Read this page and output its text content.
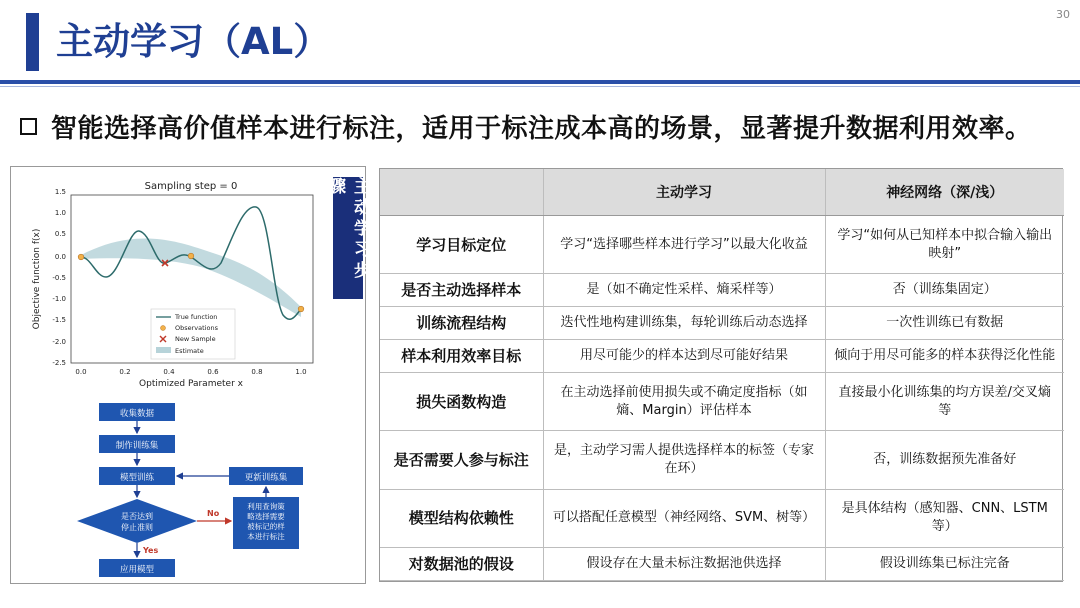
主动学习（AL）
30
智能选择高价值样本进行标注，适用于标注成本高的场景，显著提升数据利用效率。
Sampling step = 0
1.5
1.0
0.5
0.0
-0.5
-1.0
-1.5
-2.0
-2.5
0.0	0.2	0.4	0.6	0.8	1.0
Optimized Parameter x
Objective function f(x)	True function
Observations
New Sample
Estimate
收集数据
制作训练集
模型训练
是否达到
停止准则
Yes
应用模型
No
利用查询策
略选择需要
被标记的样
本进行标注
更新训练集
主动学习步骤
		主动学习	神经网络（深/浅）
学习目标定位	学习“选择哪些样本进行学习”以最大化收益	学习“如何从已知样本中拟合输入输出映射”
是否主动选择样本	是（如不确定性采样、熵采样等）	否（训练集固定）
训练流程结构	迭代性地构建训练集，每轮训练后动态选择	一次性训练已有数据
样本利用效率目标	用尽可能少的样本达到尽可能好结果	倾向于用尽可能多的样本获得泛化性能
损失函数构造	在主动选择前使用损失或不确定度指标（如熵、Margin）评估样本	直接最小化训练集的均方误差/交叉熵等
是否需要人参与标注	是，主动学习需人提供选择样本的标签（专家在环）	否，训练数据预先准备好
模型结构依赖性	可以搭配任意模型（神经网络、SVM、树等）	是具体结构（感知器、CNN、LSTM等）
对数据池的假设	假设存在大量未标注数据池供选择	假设训练集已标注完备
